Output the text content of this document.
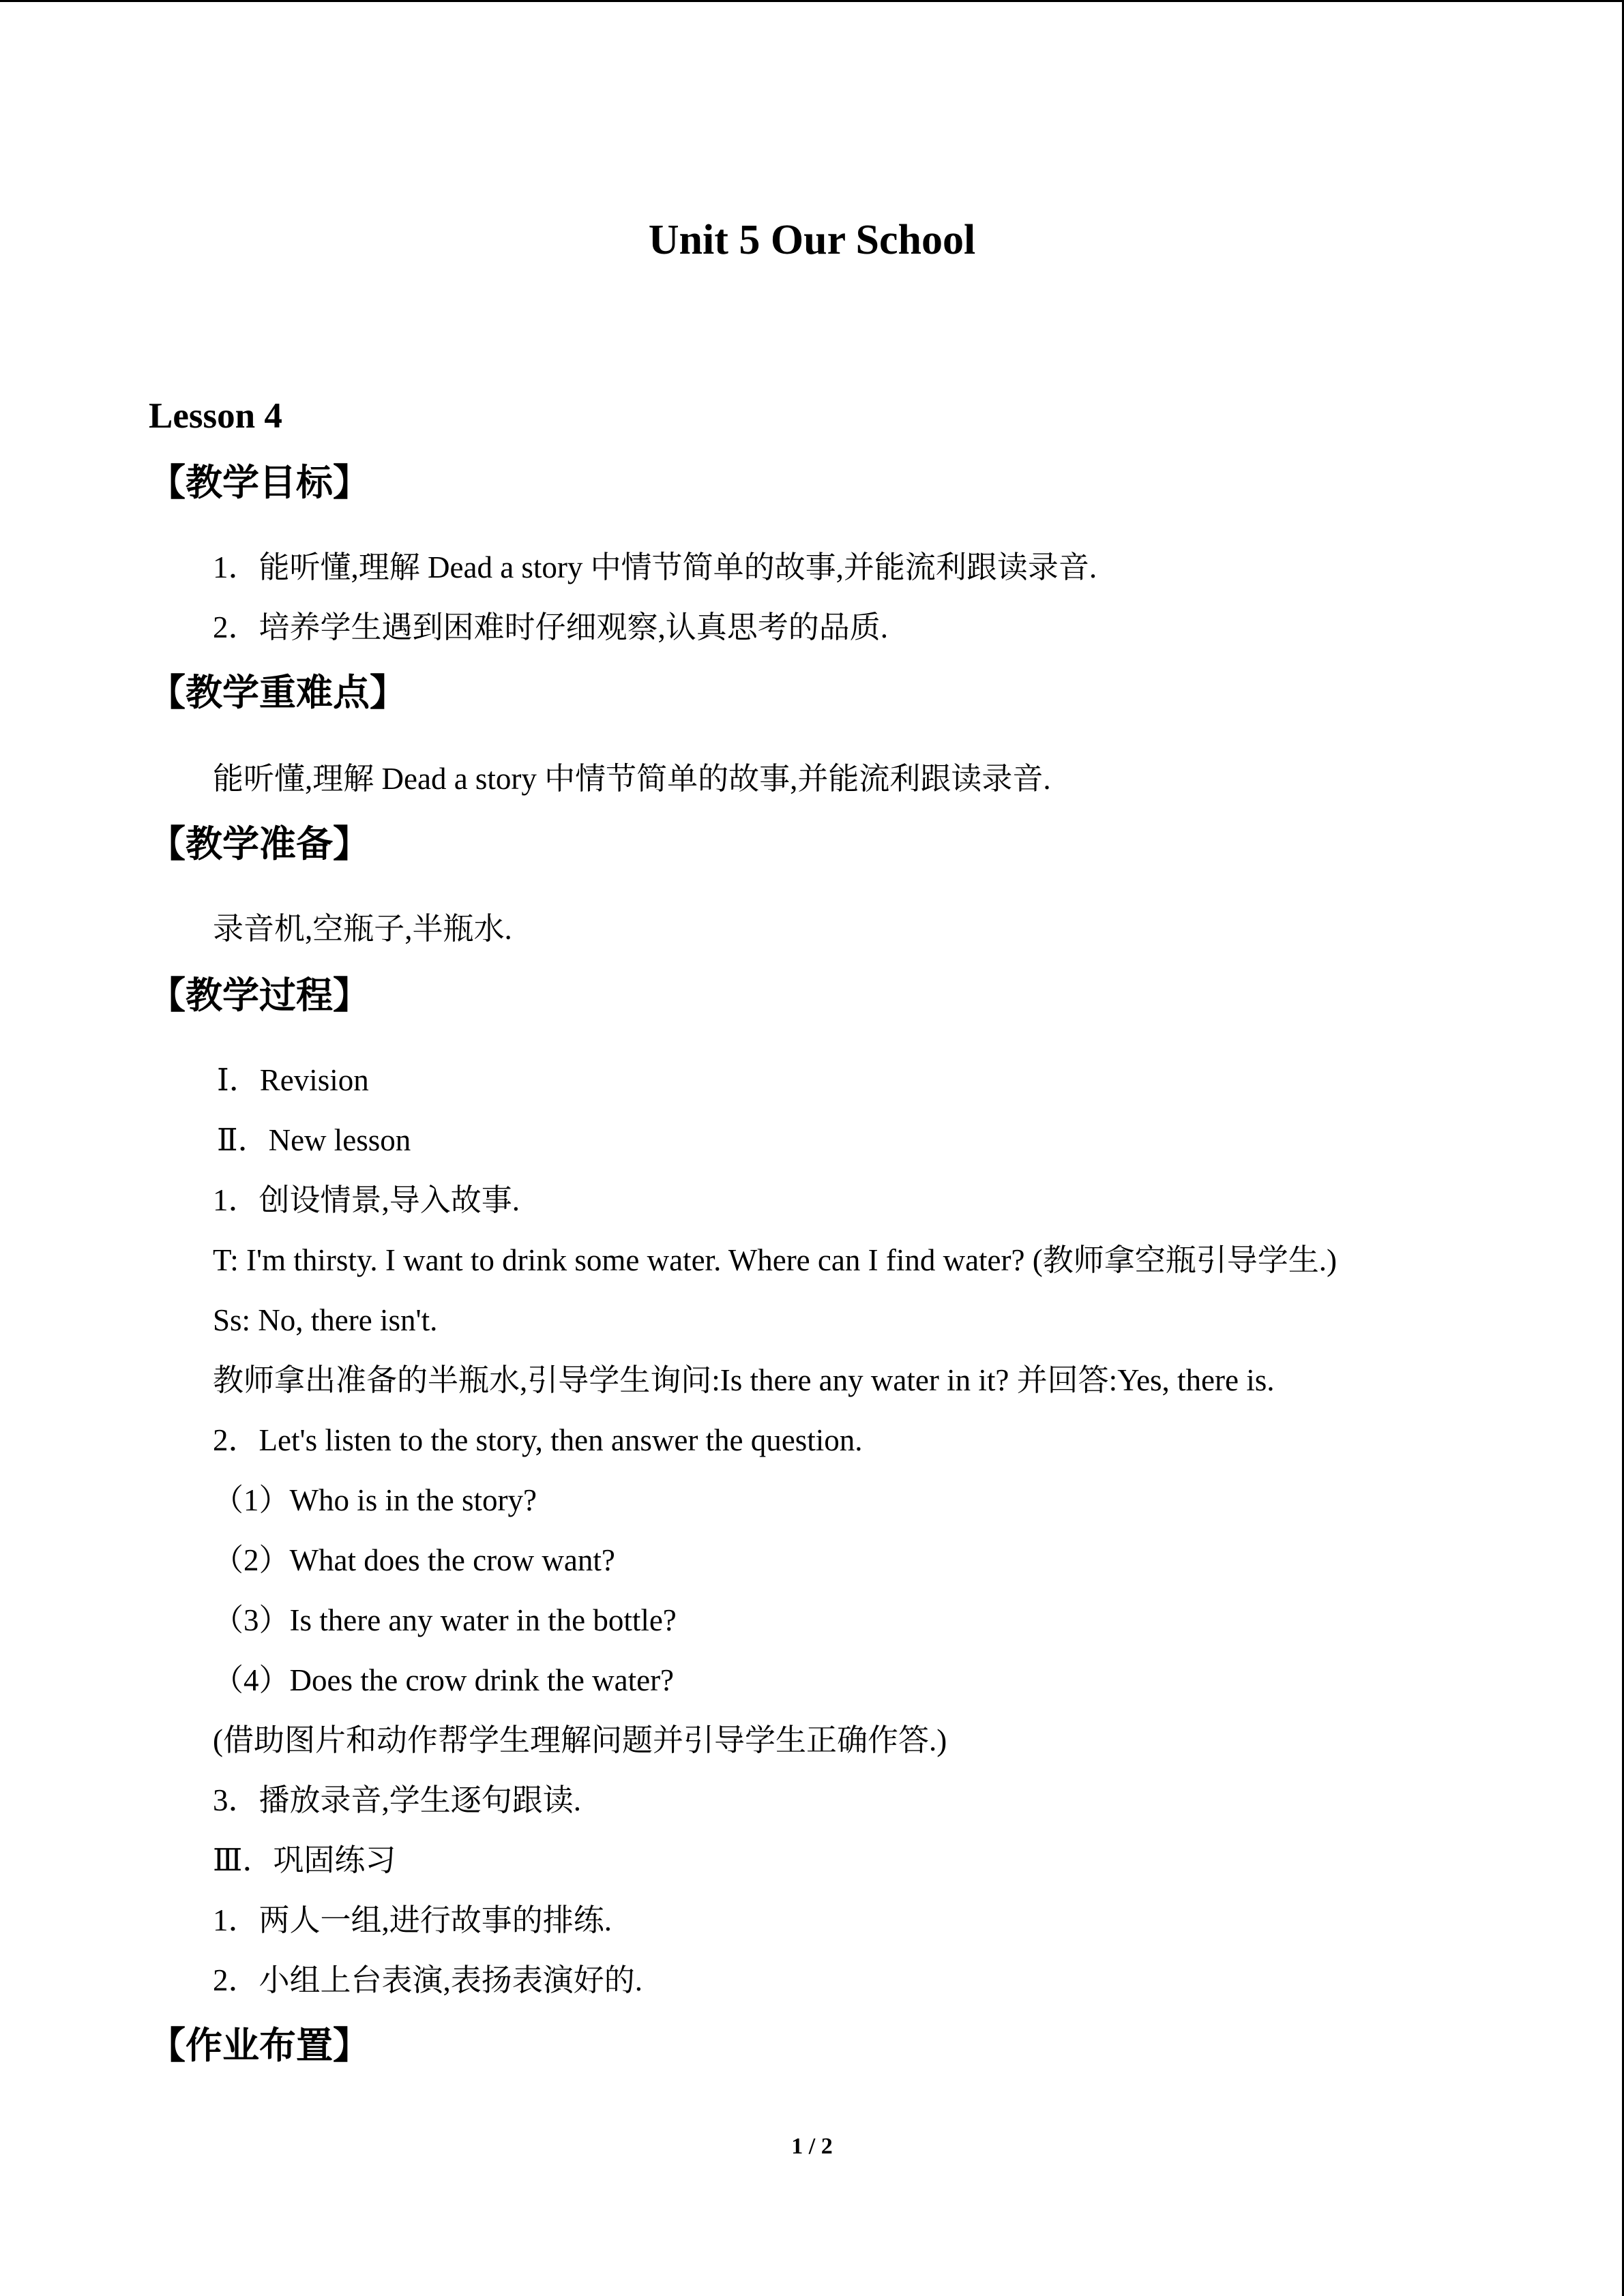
Unit 5 Our School
Lesson 4
【教学目标】
1．能听懂,理解 Dead a story 中情节简单的故事,并能流利跟读录音.
2．培养学生遇到困难时仔细观察,认真思考的品质.
【教学重难点】
能听懂,理解 Dead a story 中情节简单的故事,并能流利跟读录音.
【教学准备】
录音机,空瓶子,半瓶水.
【教学过程】
Ⅰ．Revision
Ⅱ．New lesson
1．创设情景,导入故事.
T: I'm thirsty. I want to drink some water. Where can I find water? (教师拿空瓶引导学生.)
Ss: No, there isn't.
教师拿出准备的半瓶水,引导学生询问:Is there any water in it? 并回答:Yes, there is.
2．Let's listen to the story, then answer the question.
（1）Who is in the story?
（2）What does the crow want?
（3）Is there any water in the bottle?
（4）Does the crow drink the water?
(借助图片和动作帮学生理解问题并引导学生正确作答.)
3．播放录音,学生逐句跟读.
Ⅲ．巩固练习
1．两人一组,进行故事的排练.
2．小组上台表演,表扬表演好的.
【作业布置】
1 / 2
